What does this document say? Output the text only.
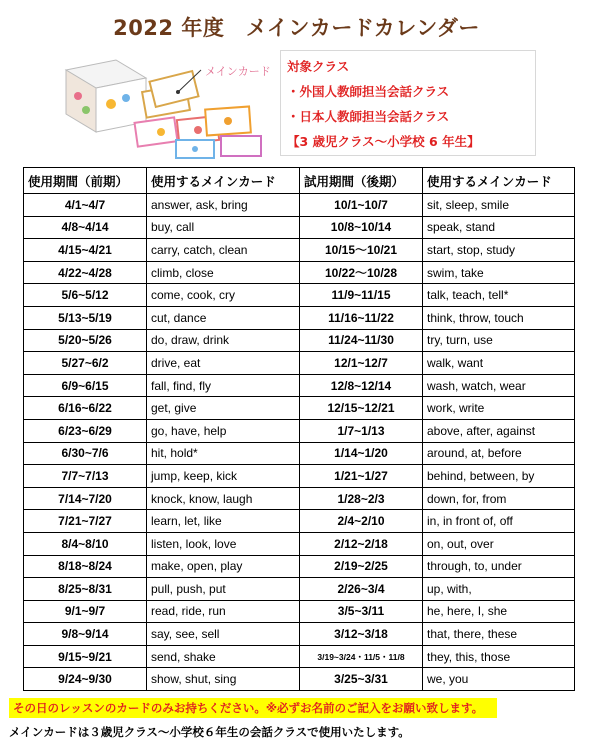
2022 年度　メインカードカレンダー
メインカード 対象クラス
・外国人教師担当会話クラス
・日本人教師担当会話クラス
【3 歳児クラス～小学校 6 年生】
使用期間（前期）	使用するメインカード	試用期間（後期）	使用するメインカード
4/1~4/7	answer, ask, bring	10/1~10/7	sit, sleep, smile
4/8~4/14	buy, call	10/8~10/14	speak, stand
4/15~4/21	carry, catch, clean	10/15～10/21	start, stop, study
4/22~4/28	climb, close	10/22～10/28	swim, take
5/6~5/12	come, cook, cry	11/9~11/15	talk, teach, tell*
5/13~5/19	cut, dance	11/16~11/22	think, throw, touch
5/20~5/26	do, draw, drink	11/24~11/30	try, turn, use
5/27~6/2	drive, eat	12/1~12/7	walk, want
6/9~6/15	fall, find, fly	12/8~12/14	wash, watch, wear
6/16~6/22	get, give	12/15~12/21	work, write
6/23~6/29	go, have, help	1/7~1/13	above, after, against
6/30~7/6	hit, hold*	1/14~1/20	around, at, before
7/7~7/13	jump, keep, kick	1/21~1/27	behind, between, by
7/14~7/20	knock, know, laugh	1/28~2/3	down, for, from
7/21~7/27	learn, let, like	2/4~2/10	in, in front of, off
8/4~8/10	listen, look, love	2/12~2/18	on, out, over
8/18~8/24	make, open, play	2/19~2/25	through, to, under
8/25~8/31	pull, push, put	2/26~3/4	up, with,
9/1~9/7	read, ride, run	3/5~3/11	he, here, I, she
9/8~9/14	say, see, sell	3/12~3/18	that, there, these
9/15~9/21	send, shake	3/19~3/24・11/5・11/8	they, this, those
9/24~9/30	show, shut, sing	3/25~3/31	we, you
その日のレッスンのカードのみお持ちください。※必ずお名前のご記入をお願い致します。
メインカードは３歳児クラス～小学校６年生の会話クラスで使用いたします。
